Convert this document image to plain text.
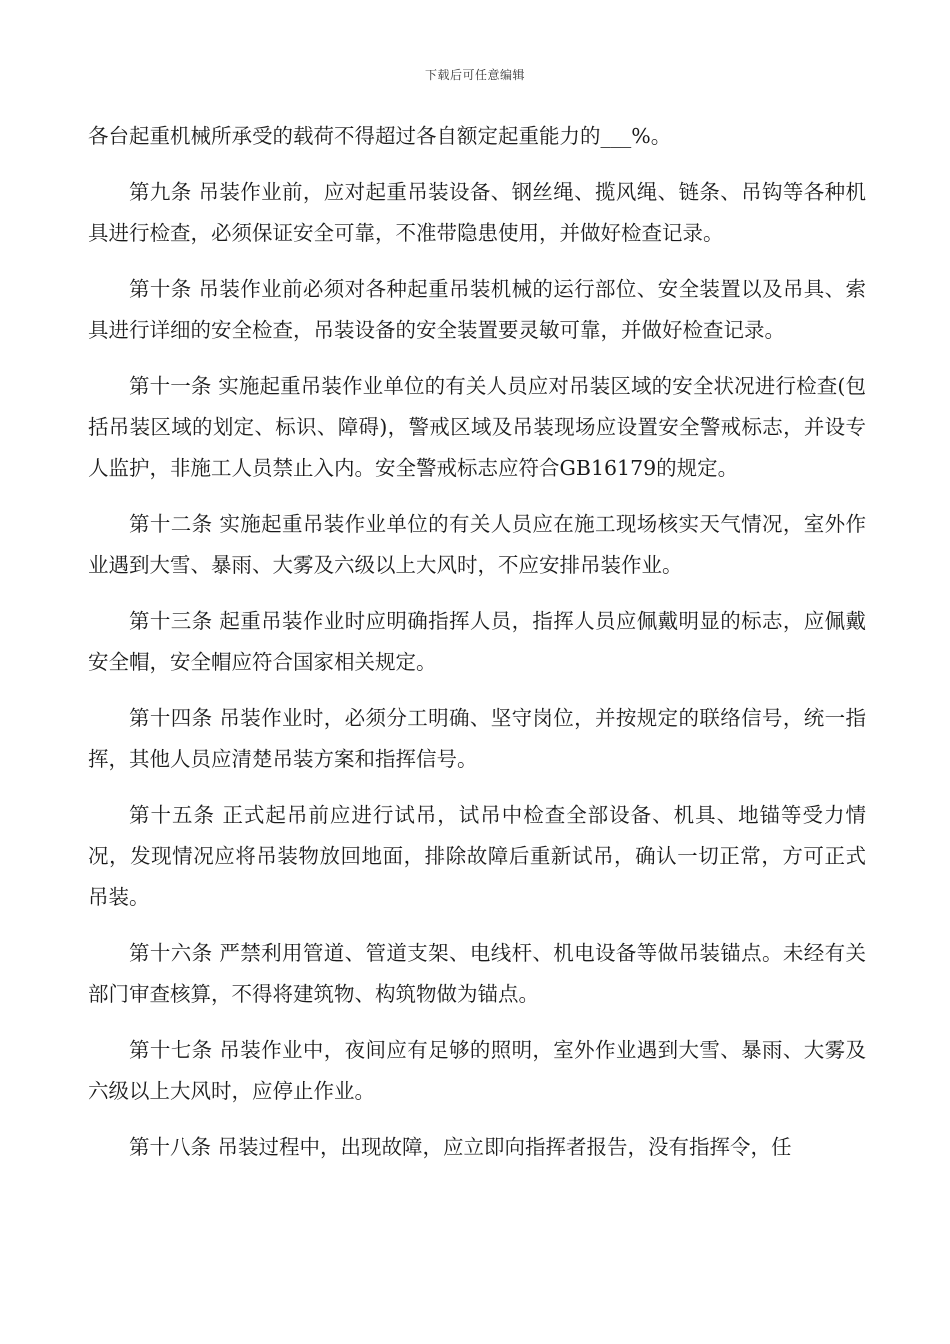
下载后可任意编辑

各台起重机械所承受的载荷不得超过各自额定起重能力的___%。

第九条 吊装作业前，应对起重吊装设备、钢丝绳、揽风绳、链条、吊钩等各种机具进行检查，必须保证安全可靠，不准带隐患使用，并做好检查记录。

第十条 吊装作业前必须对各种起重吊装机械的运行部位、安全装置以及吊具、索具进行详细的安全检查，吊装设备的安全装置要灵敏可靠，并做好检查记录。

第十一条 实施起重吊装作业单位的有关人员应对吊装区域的安全状况进行检查(包括吊装区域的划定、标识、障碍)，警戒区域及吊装现场应设置安全警戒标志，并设专人监护，非施工人员禁止入内。安全警戒标志应符合GB16179的规定。

第十二条 实施起重吊装作业单位的有关人员应在施工现场核实天气情况，室外作业遇到大雪、暴雨、大雾及六级以上大风时，不应安排吊装作业。

第十三条 起重吊装作业时应明确指挥人员，指挥人员应佩戴明显的标志，应佩戴安全帽，安全帽应符合国家相关规定。

第十四条 吊装作业时，必须分工明确、坚守岗位，并按规定的联络信号，统一指挥，其他人员应清楚吊装方案和指挥信号。

第十五条 正式起吊前应进行试吊，试吊中检查全部设备、机具、地锚等受力情况，发现情况应将吊装物放回地面，排除故障后重新试吊，确认一切正常，方可正式吊装。

第十六条 严禁利用管道、管道支架、电线杆、机电设备等做吊装锚点。未经有关部门审查核算，不得将建筑物、构筑物做为锚点。

第十七条 吊装作业中，夜间应有足够的照明，室外作业遇到大雪、暴雨、大雾及六级以上大风时，应停止作业。

第十八条 吊装过程中，出现故障，应立即向指挥者报告，没有指挥令，任
